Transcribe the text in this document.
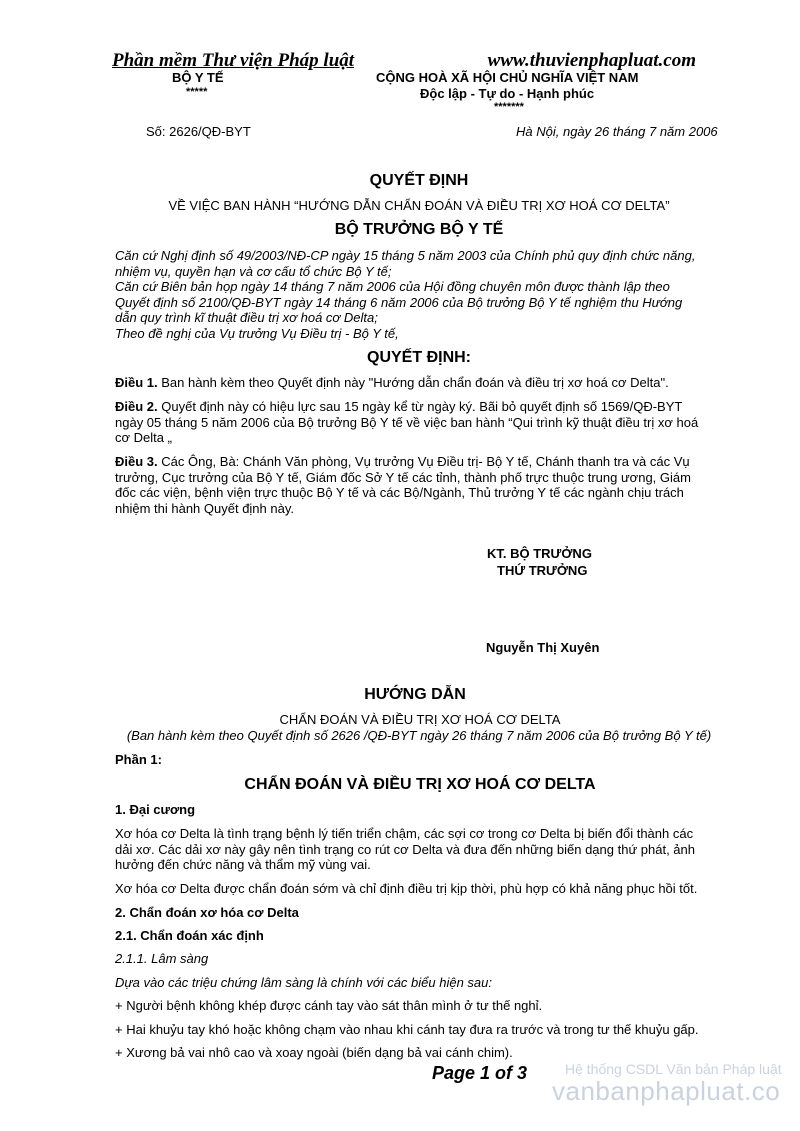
Phần mềm Thư viện Pháp luật	www.thuvienphapluat.com
BỘ Y TẾ
*****
CỘNG HOÀ XÃ HỘI CHỦ NGHĨA VIỆT NAM
Độc lập - Tự do - Hạnh phúc
*******
Số: 2626/QĐ-BYT	Hà Nội, ngày 26 tháng 7 năm 2006
QUYẾT ĐỊNH
VỀ VIỆC BAN HÀNH “HƯỚNG DẪN CHẨN ĐOÁN VÀ ĐIỀU TRỊ XƠ HOÁ CƠ DELTA”
BỘ TRƯỞNG BỘ Y TẾ
Căn cứ Nghị định số 49/2003/NĐ-CP ngày 15 tháng 5 năm 2003 của Chính phủ quy định chức năng,
nhiệm vụ, quyền hạn và cơ cấu tổ chức Bộ Y tế;
Căn cứ Biên bản họp ngày 14 tháng 7 năm 2006 của Hội đồng chuyên môn được thành lập theo
Quyết định số 2100/QĐ-BYT ngày 14 tháng 6 năm 2006 của Bộ trưởng Bộ Y tế nghiệm thu Hướng
dẫn quy trình kĩ thuật điều trị xơ hoá cơ Delta;
Theo đề nghị của Vụ trưởng Vụ Điều trị - Bộ Y tế,
QUYẾT ĐỊNH:
Điều 1. Ban hành kèm theo Quyết định này "Hướng dẫn chẩn đoán và điều trị xơ hoá cơ Delta".
Điều 2. Quyết định này có hiệu lực sau 15 ngày kể từ ngày ký. Bãi bỏ quyết định số 1569/QĐ-BYT
ngày 05 tháng 5 năm 2006 của Bộ trưởng Bộ Y tế về việc ban hành “Qui trình kỹ thuật điều trị xơ hoá
cơ Delta „
Điều 3. Các Ông, Bà: Chánh Văn phòng, Vụ trưởng Vụ Điều trị- Bộ Y tế, Chánh thanh tra và các Vụ
trưởng, Cục trưởng của Bộ Y tế, Giám đốc Sở Y tế các tỉnh, thành phố trực thuộc trung ương, Giám
đốc các viện, bệnh viện trực thuộc Bộ Y tế và các Bộ/Ngành, Thủ trưởng Y tế các ngành chịu trách
nhiệm thi hành Quyết định này.
KT. BỘ TRƯỞNG
THỨ TRƯỞNG
Nguyễn Thị Xuyên
HƯỚNG DẪN
CHẨN ĐOÁN VÀ ĐIỀU TRỊ XƠ HOÁ CƠ DELTA
(Ban hành kèm theo Quyết định số 2626 /QĐ-BYT ngày 26 tháng 7 năm 2006 của Bộ trưởng Bộ Y tế)
Phần 1:
CHẨN ĐOÁN VÀ ĐIỀU TRỊ XƠ HOÁ CƠ DELTA
1. Đại cương
Xơ hóa cơ Delta là tình trạng bệnh lý tiến triển chậm, các sợi cơ trong cơ Delta bị biến đổi thành các
dải xơ. Các dải xơ này gây nên tình trạng co rút cơ Delta và đưa đến những biến dạng thứ phát, ảnh
hưởng đến chức năng và thẩm mỹ vùng vai.
Xơ hóa cơ Delta được chẩn đoán sớm và chỉ định điều trị kịp thời, phù hợp có khả năng phục hồi tốt.
2. Chẩn đoán xơ hóa cơ Delta
2.1. Chẩn đoán xác định
2.1.1. Lâm sàng
Dựa vào các triệu chứng lâm sàng là chính với các biểu hiện sau:
+ Người bệnh không khép được cánh tay vào sát thân mình ở tư thế nghỉ.
+ Hai khuỷu tay khó hoặc không chạm vào nhau khi cánh tay đưa ra trước và trong tư thế khuỷu gấp.
+ Xương bả vai nhô cao và xoay ngoài (biến dạng bả vai cánh chim).
Page 1 of 3	Hệ thống CSDL Văn bản Pháp luật
vanbanphapluat.co
